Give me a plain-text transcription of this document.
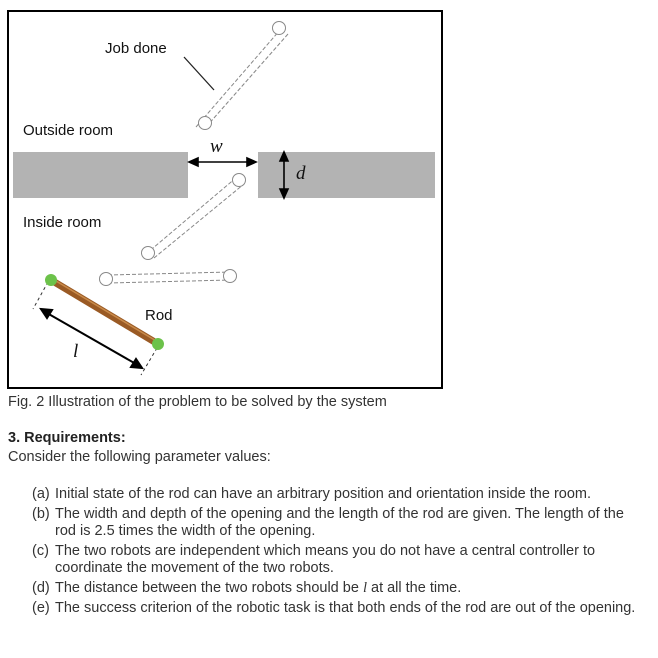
Job done
Outside room
Inside room
Rod
w
d
l
Fig. 2 Illustration of the problem to be solved by the system
3. Requirements:
Consider the following parameter values:
(a) Initial state of the rod can have an arbitrary position and orientation inside the room.
(b) The width and depth of the opening and the length of the rod are given. The length of the rod is 2.5 times the width of the opening.
(c) The two robots are independent which means you do not have a central controller to coordinate the movement of the two robots.
(d) The distance between the two robots should be l at all the time.
(e) The success criterion of the robotic task is that both ends of the rod are out of the opening.
